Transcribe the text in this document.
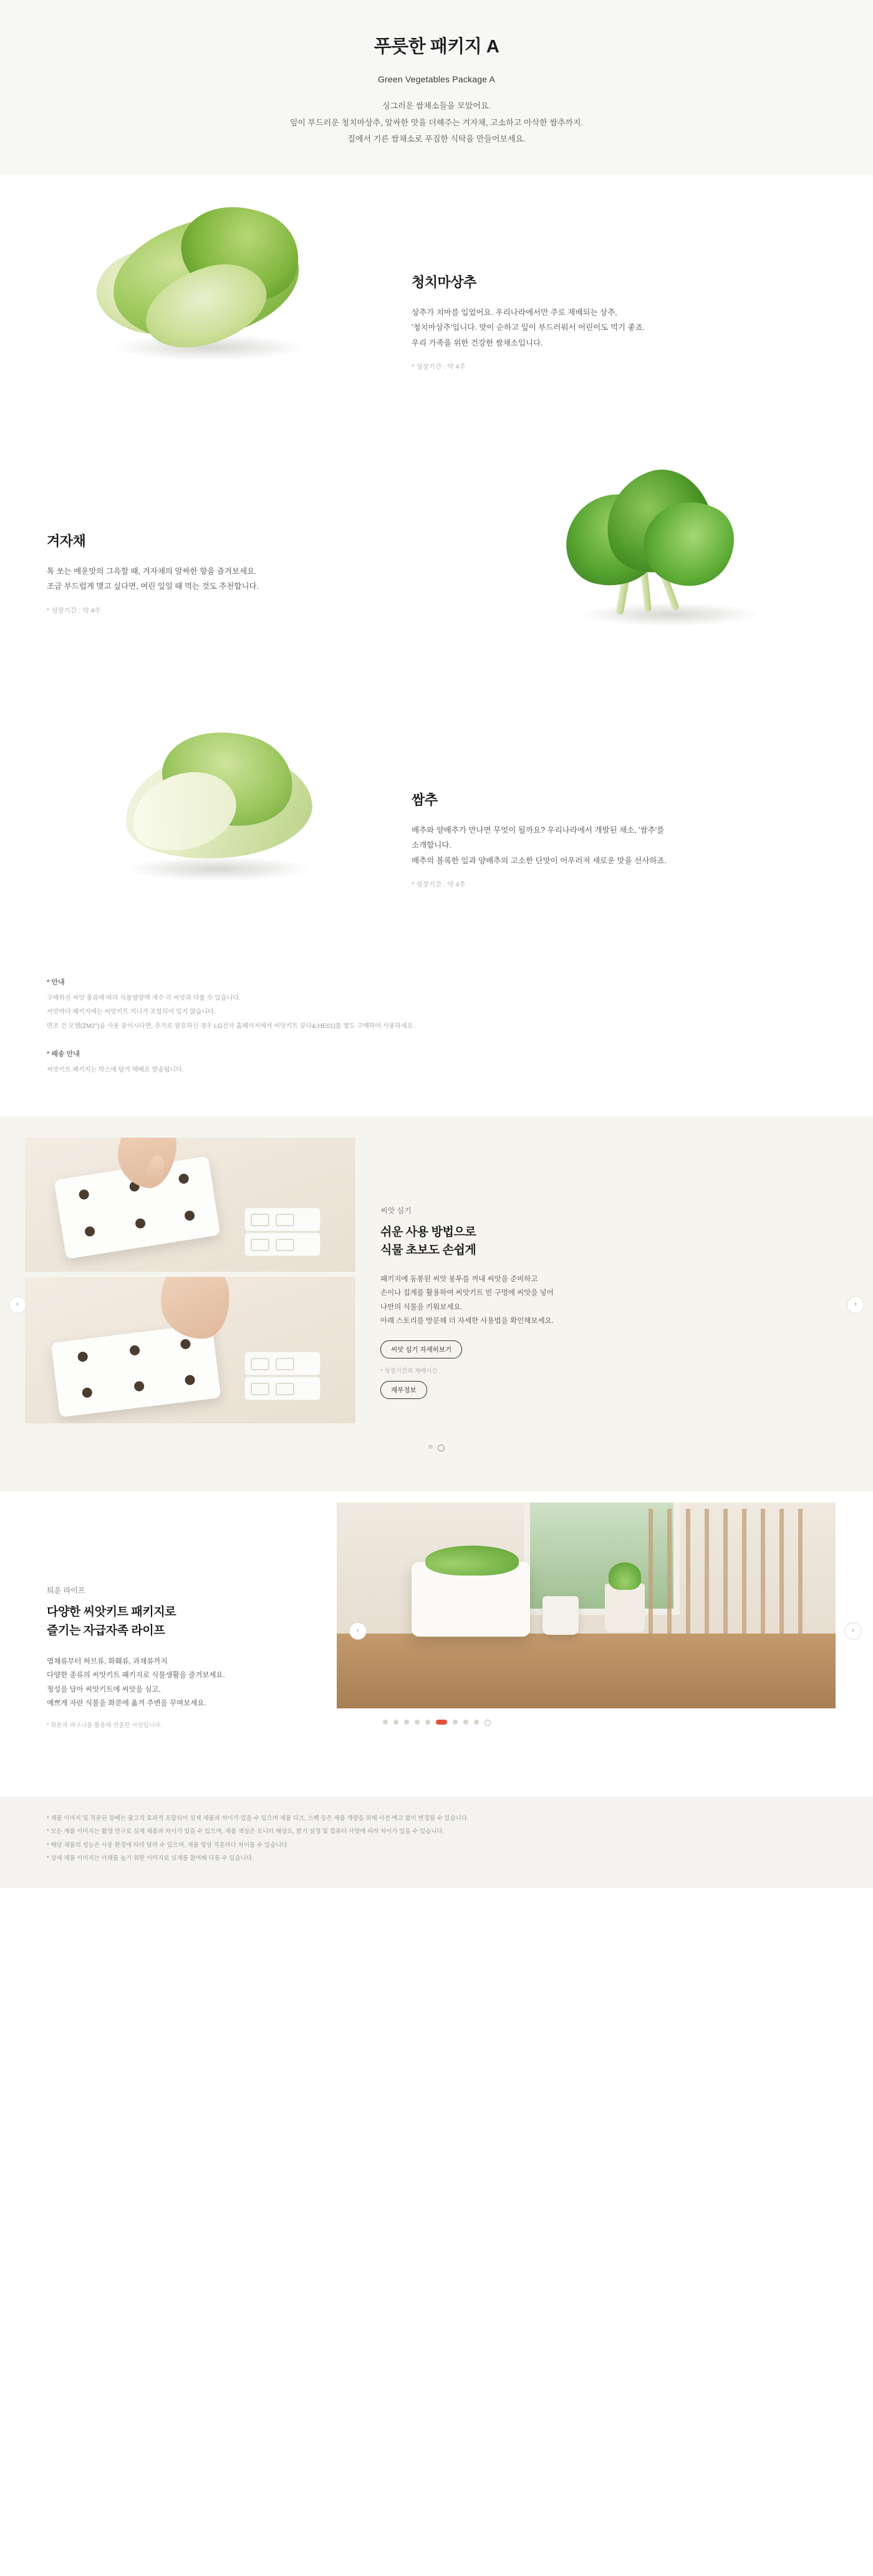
푸릇한 패키지 A
Green Vegetables Package A
싱그러운 쌈채소들을 모았어요.
잎이 부드러운 청치마상추, 알싸한 맛을 더해주는 겨자채, 고소하고 아삭한 쌈추까지.
집에서 기른 쌈채소로 푸짐한 식탁을 만들어보세요.
청치마상추

상추가 치마를 입었어요. 우리나라에서만 주로 재배되는 상추,
'청치마상추'입니다. 맛이 순하고 잎이 부드러워서 어린이도 먹기 좋죠.
우리 가족을 위한 건강한 쌈채소입니다.

* 성장기간 : 약 4주

겨자채

톡 쏘는 매운맛의 그윽할 때, 겨자채의 알싸한 향을 즐겨보세요.
조금 부드럽게 맺고 싶다면, 여린 잎일 때 먹는 것도 추천합니다.

* 성장기간 : 약 4주

쌈추

배추와 양배추가 만나면 무엇이 될까요? 우리나라에서 개발된 채소, '쌈추'를
소개합니다.
배추의 볼록한 잎과 양배추의 고소한 단맛이 어우러져 새로운 맛을 선사하죠.

* 성장기간 : 약 4주

* 안내

구매하신 씨앗 종류에 따라 식물영양액 개수 각 씨앗과 다를 수 있습니다.

씨앗마다 패키지에는 씨앗키트 끼니가 포함되어 있지 않습니다.

면조 건 모델(ZM2°)을 사용 중이시다면, 추가로 필요하신 경우 LG전자 홈페이지에서 씨앗키트 끌다&;HE01)를 별도 구매하여 사용하세요.

* 배송 안내

씨앗키트 패키지는 박스에 담겨 택배로 발송됩니다.

‹	›

씨앗 심기

쉬운 사용 방법으로
식물 초보도 손쉽게

패키지에 동봉된 씨앗 봉투를 꺼내 씨앗을 준비하고
손이나 집게를 활용하여 씨앗키트 빈 구멍에 씨앗을 넣어
나만의 식물을 키워보세요.
아래 스토리를 방문해 더 자세한 사용법을 확인해보세요.

씨앗 심기 자세히보기

* 성장기간과 재배시간

재부정보

틔운 라이프

다양한 씨앗키트 패키지로
즐기는 자급자족 라이프

엽채류부터 허브류, 화훼류, 과채류까지
다양한 종류의 씨앗키트 패키지로 식물생활을 즐겨보세요.
청성을 담아 씨앗키트에 씨앗을 심고,
예쁘게 자란 식물을 화분에 옮겨 주변을 꾸며보세요.

* 화분과 바구니를 활용해 연출한 사진입니다.

‹	›

* 제품 이미지 및 직문된 장배는 광고적 효과적 포함되어 실제 제품과 차이가 있을 수 있으며 제품 디즈, 스펙 등은 제품 개량을 위해 사전 예고 없이 변경될 수 있습니다.

* 모든 제품 이미지는 활영 연구로 실제 제품과 차이가 있을 수 있으며, 제품 색상은 모니터 해상도, 밝기 설정 및 컴퓨터 사양에 따라 차이가 있을 수 있습니다.

* 해당 제품의 성능은 사용 환경에 따라 달라 수 있으며, 제품 영상 적혼마다 차이를 수 있습니다.

* 상세 제품 이미지는 아래를 높기 위한 이미지로 실제를 참여해 다를 수 있습니다.
